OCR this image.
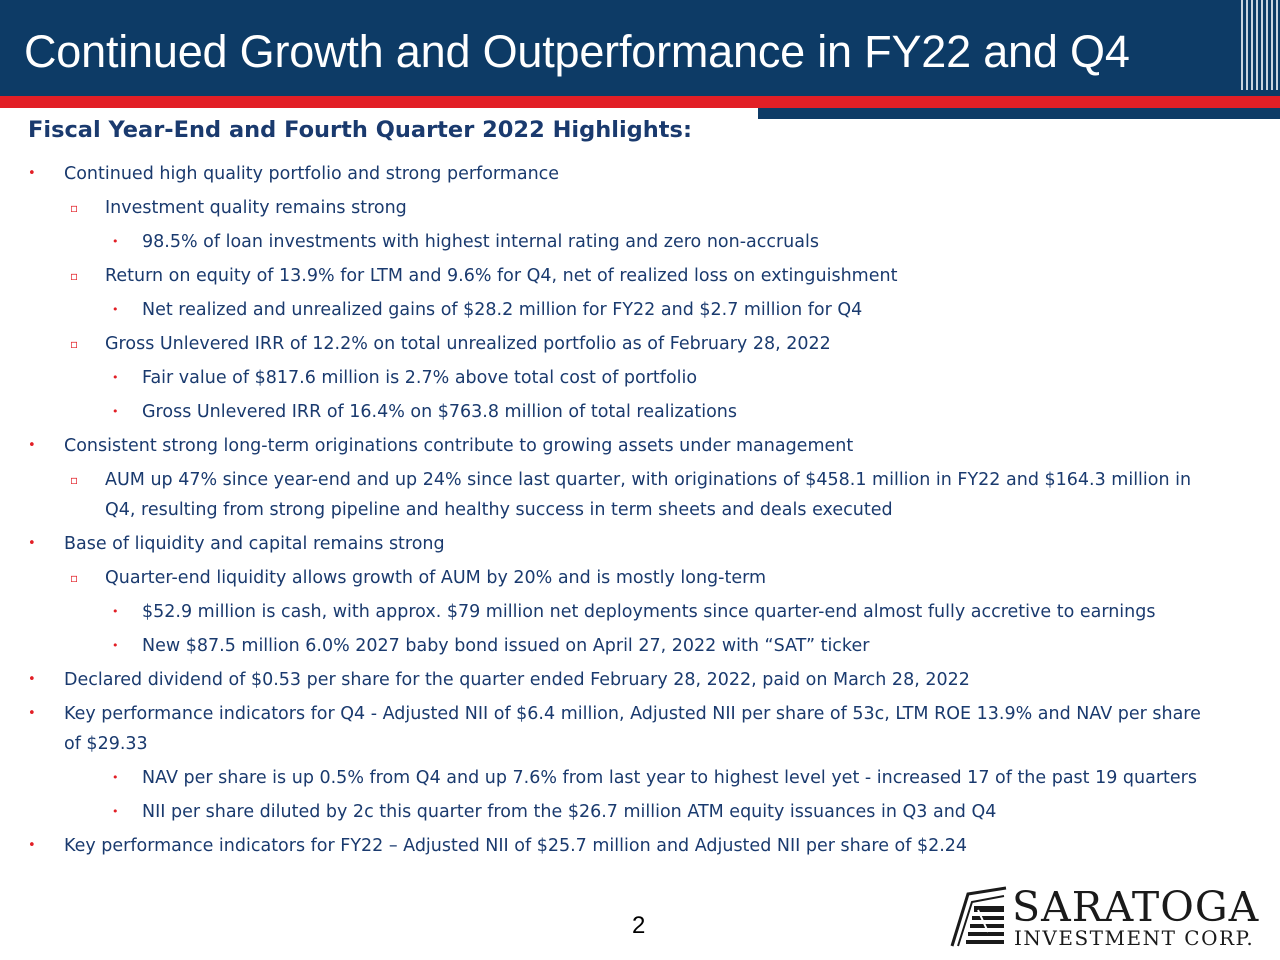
Continued Growth and Outperformance in FY22 and Q4
Fiscal Year-End and Fourth Quarter 2022 Highlights:
• Continued high quality portfolio and strong performance
▫ Investment quality remains strong
• 98.5% of loan investments with highest internal rating and zero non-accruals
▫ Return on equity of 13.9% for LTM and 9.6% for Q4, net of realized loss on extinguishment
• Net realized and unrealized gains of $28.2 million for FY22 and $2.7 million for Q4
▫ Gross Unlevered IRR of 12.2% on total unrealized portfolio as of February 28, 2022
• Fair value of $817.6 million is 2.7% above total cost of portfolio
• Gross Unlevered IRR of 16.4% on $763.8 million of total realizations
• Consistent strong long-term originations contribute to growing assets under management
▫ AUM up 47% since year-end and up 24% since last quarter, with originations of $458.1 million in FY22 and $164.3 million in Q4, resulting from strong pipeline and healthy success in term sheets and deals executed
• Base of liquidity and capital remains strong
▫ Quarter-end liquidity allows growth of AUM by 20% and is mostly long-term
• $52.9 million is cash, with approx. $79 million net deployments since quarter-end almost fully accretive to earnings
• New $87.5 million 6.0% 2027 baby bond issued on April 27, 2022 with “SAT” ticker
• Declared dividend of $0.53 per share for the quarter ended February 28, 2022, paid on March 28, 2022
• Key performance indicators for Q4 - Adjusted NII of $6.4 million, Adjusted NII per share of 53c, LTM ROE 13.9% and NAV per share of $29.33
• NAV per share is up 0.5% from Q4 and up 7.6% from last year to highest level yet - increased 17 of the past 19 quarters
• NII per share diluted by 2c this quarter from the $26.7 million ATM equity issuances in Q3 and Q4
• Key performance indicators for FY22 – Adjusted NII of $25.7 million and Adjusted NII per share of $2.24
2	SARATOGA
INVESTMENT CORP.
